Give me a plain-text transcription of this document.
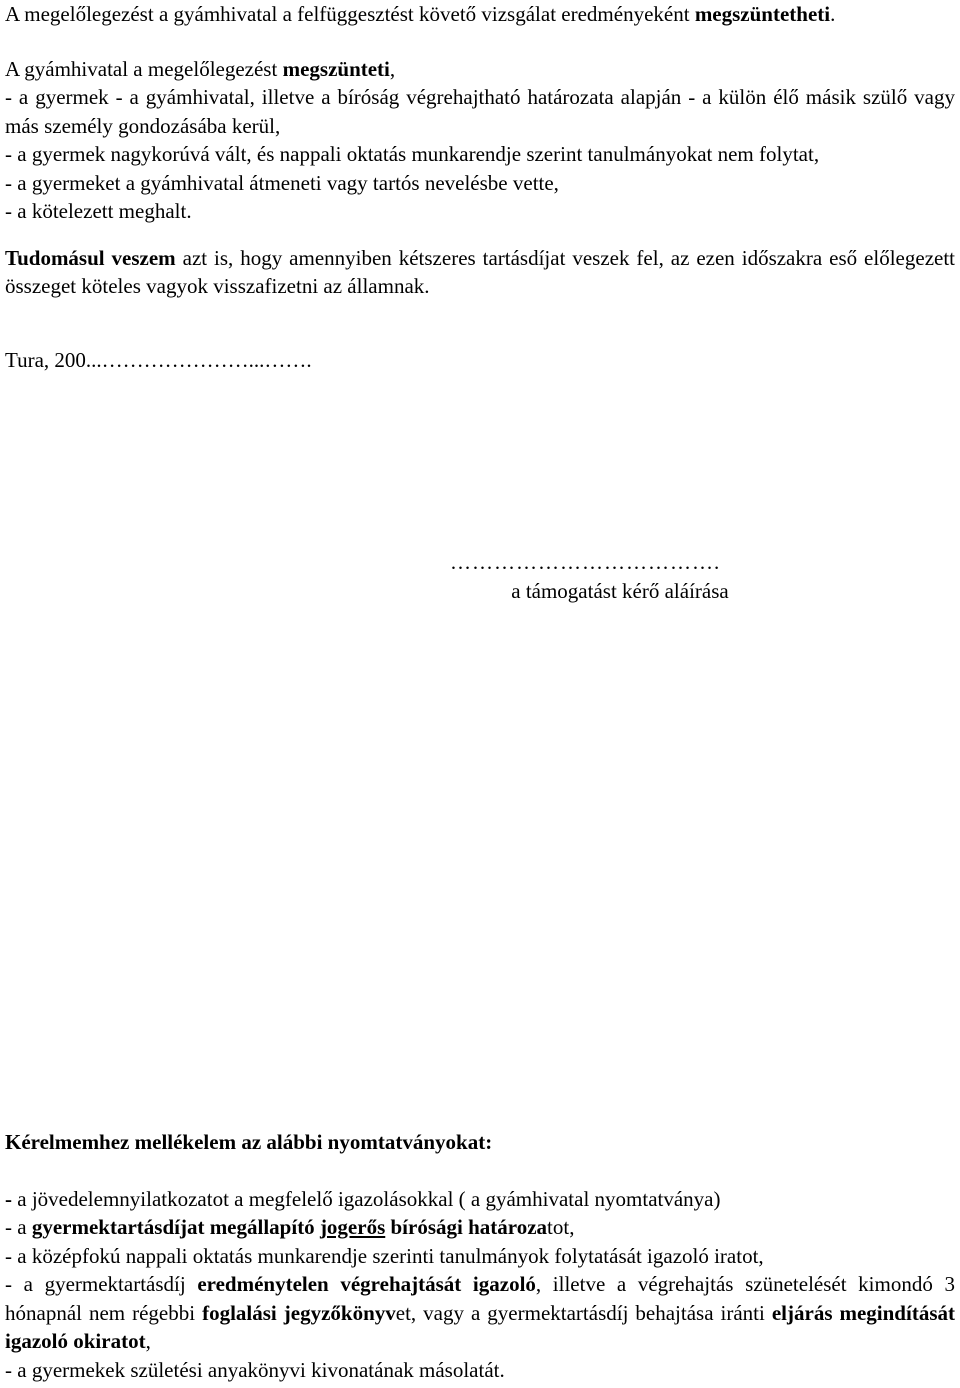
A megelőlegezést a gyámhivatal a felfüggesztést követő vizsgálat eredményeként megszüntetheti.

A gyámhivatal a megelőlegezést megszünteti,

- a gyermek - a gyámhivatal, illetve a bíróság végrehajtható határozata alapján - a külön élő másik szülő vagy más személy gondozásába kerül,

- a gyermek nagykorúvá vált, és nappali oktatás munkarendje szerint tanulmányokat nem folytat,

- a gyermeket a gyámhivatal átmeneti vagy tartós nevelésbe vette,

- a kötelezett meghalt.

Tudomásul veszem azt is, hogy amennyiben kétszeres tartásdíjat veszek fel, az ezen időszakra eső előlegezett összeget köteles vagyok visszafizetni az államnak.

Tura, 200...…………………...…….

……………………………….
a támogatást kérő aláírása

Kérelmemhez mellékelem az alábbi nyomtatványokat:

- a jövedelemnyilatkozatot a megfelelő igazolásokkal ( a gyámhivatal nyomtatványa)

- a gyermektartásdíjat megállapító jogerős bírósági határozatot,

- a középfokú nappali oktatás munkarendje szerinti tanulmányok folytatását igazoló iratot,

- a gyermektartásdíj eredménytelen végrehajtását igazoló, illetve a végrehajtás szünetelését kimondó 3 hónapnál nem régebbi foglalási jegyzőkönyvet, vagy a gyermektartásdíj behajtása iránti eljárás megindítását igazoló okiratot,

- a gyermekek születési anyakönyvi kivonatának másolatát.
